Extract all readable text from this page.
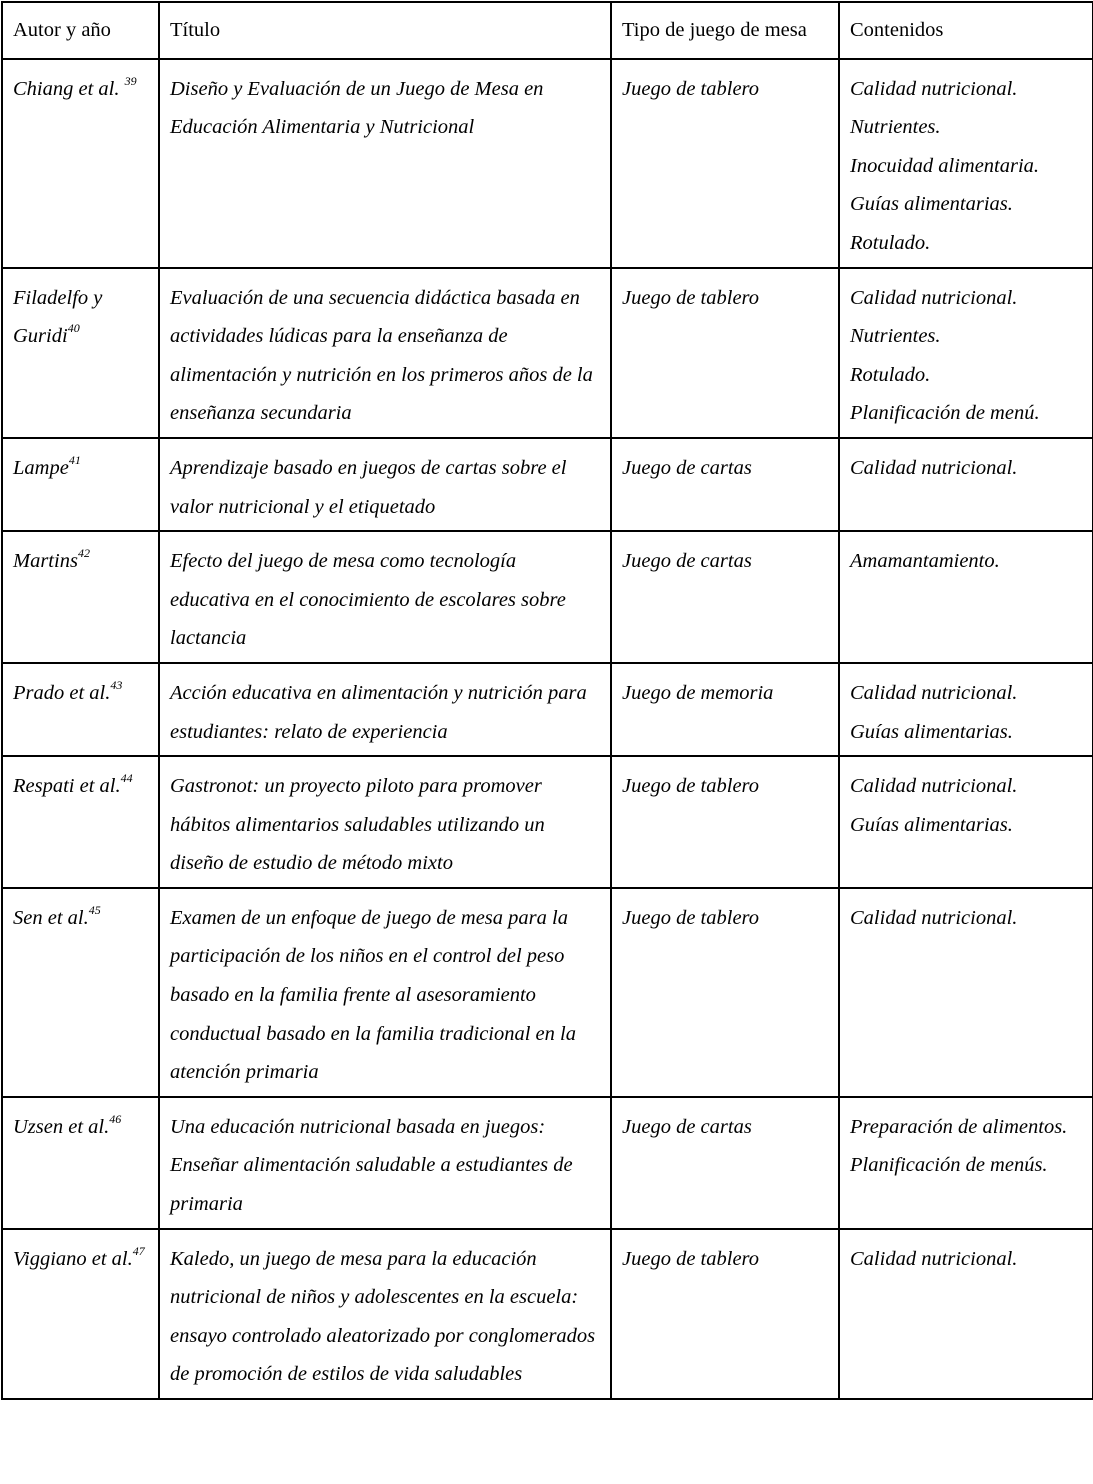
Autor y año	Título	Tipo de juego de mesa	Contenidos
Chiang et al. $^{39}$	Diseño y Evaluación de un Juego de Mesa en Educación Alimentaria y Nutricional	Juego de tablero	Calidad nutricional.
Nutrientes.
Inocuidad alimentaria.
Guías alimentarias.
Rotulado.

Filadelfo y Guridi$^{40}$	Evaluación de una secuencia didáctica basada en actividades lúdicas para la enseñanza de alimentación y nutrición en los primeros años de la enseñanza secundaria	Juego de tablero	Calidad nutricional.
Nutrientes.
Rotulado.
Planificación de menú.

Lampe$^{41}$	Aprendizaje basado en juegos de cartas sobre el valor nutricional y el etiquetado	Juego de cartas	Calidad nutricional.

Martins$^{42}$	Efecto del juego de mesa como tecnología educativa en el conocimiento de escolares sobre lactancia	Juego de cartas	Amamantamiento.

Prado et al.$^{43}$	Acción educativa en alimentación y nutrición para estudiantes: relato de experiencia	Juego de memoria	Calidad nutricional.
Guías alimentarias.

Respati et al.$^{44}$	Gastronot: un proyecto piloto para promover hábitos alimentarios saludables utilizando un diseño de estudio de método mixto	Juego de tablero	Calidad nutricional.
Guías alimentarias.

Sen et al.$^{45}$	Examen de un enfoque de juego de mesa para la participación de los niños en el control del peso basado en la familia frente al asesoramiento conductual basado en la familia tradicional en la atención primaria	Juego de tablero	Calidad nutricional.

Uzsen et al.$^{46}$	Una educación nutricional basada en juegos: Enseñar alimentación saludable a estudiantes de primaria	Juego de cartas	Preparación de alimentos.
Planificación de menús.

Viggiano et al.$^{47}$	Kaledo, un juego de mesa para la educación nutricional de niños y adolescentes en la escuela: ensayo controlado aleatorizado por conglomerados de promoción de estilos de vida saludables	Juego de tablero	Calidad nutricional.
